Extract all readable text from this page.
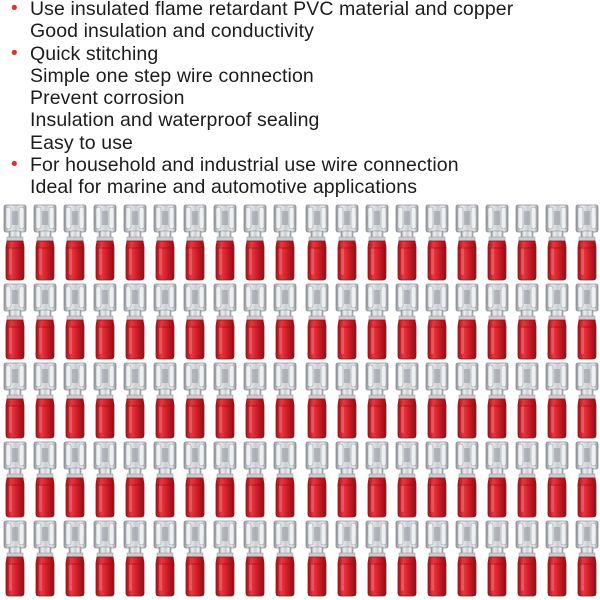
• Use insulated flame retardant PVC material and copper
Good insulation and conductivity
• Quick stitching
Simple one step wire connection
Prevent corrosion
Insulation and waterproof sealing
Easy to use
• For household and industrial use wire connection
Ideal for marine and automotive applications
